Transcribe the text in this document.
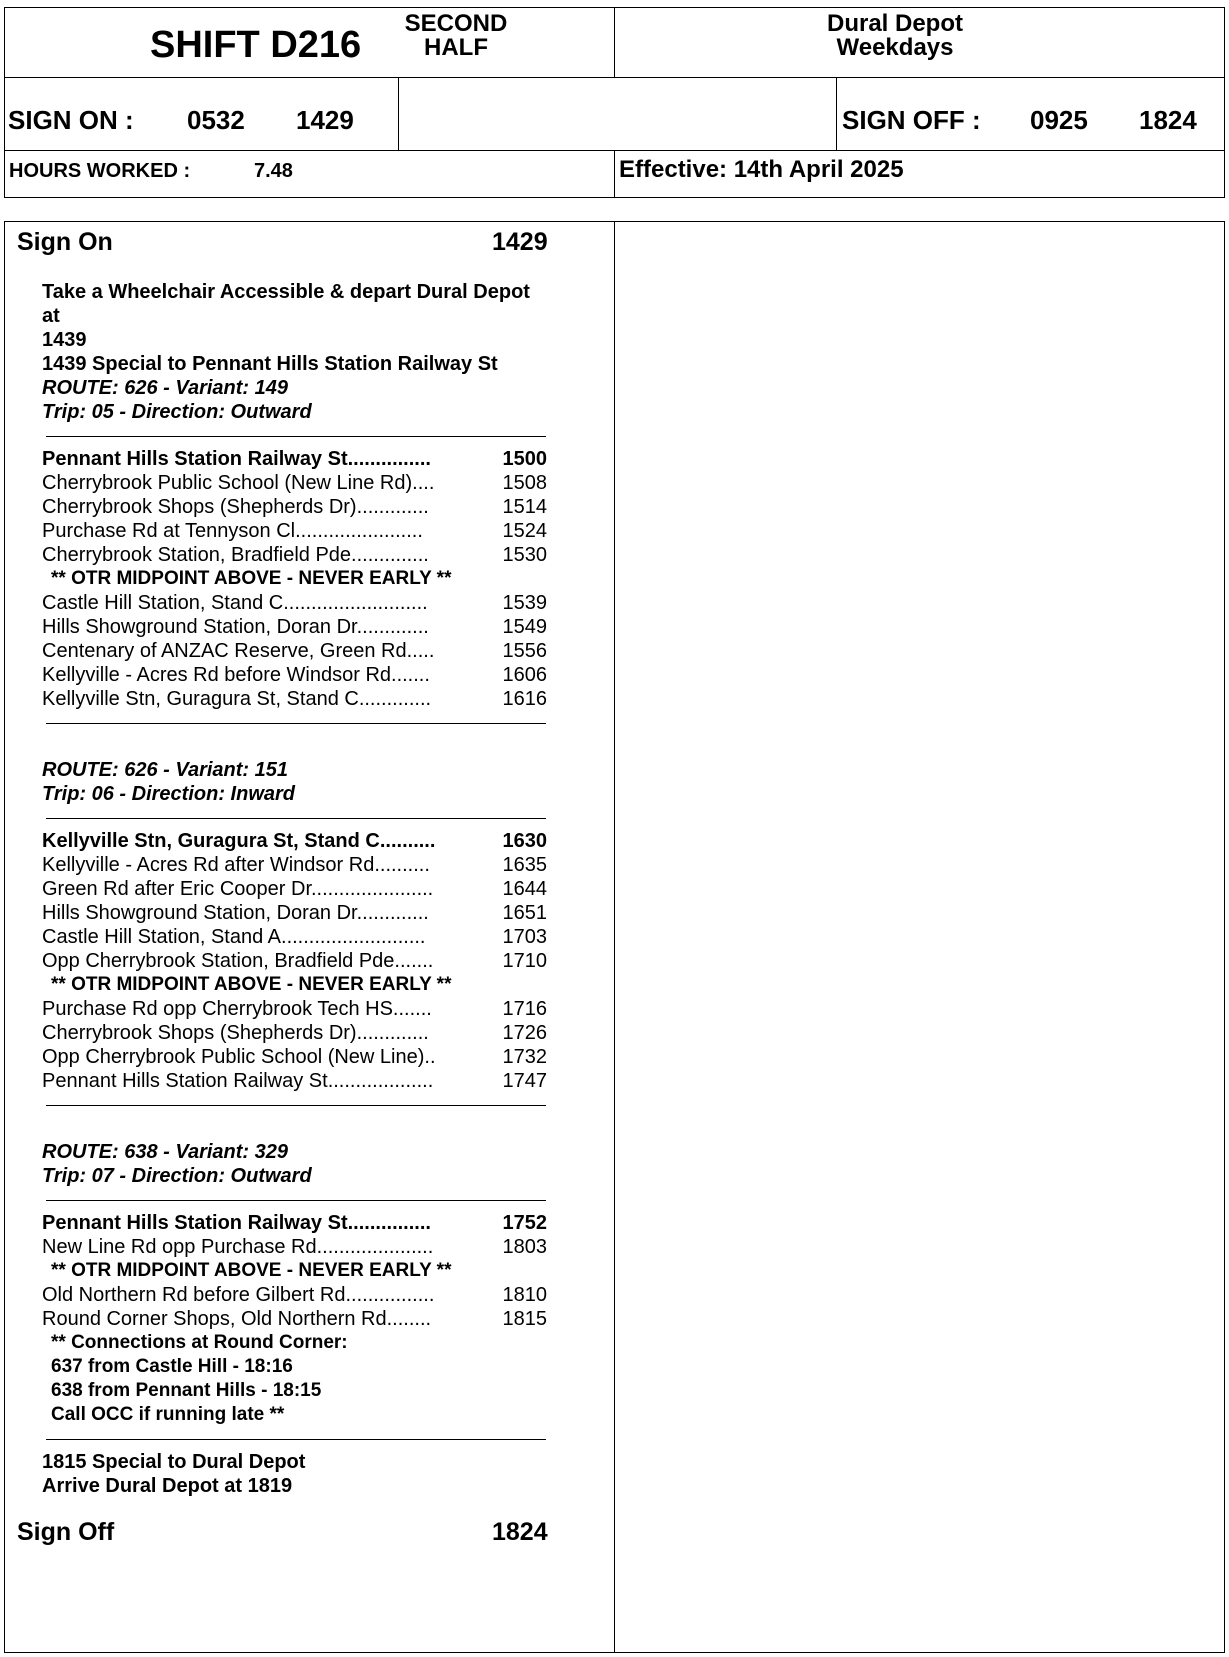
SHIFT D216
SECOND
HALF
Dural Depot
Weekdays
SIGN ON : 0532 1429	SIGN OFF : 0925 1824
HOURS WORKED :	7.48	Effective: 14th April 2025
Sign On	1429
Take a Wheelchair Accessible & depart Dural Depot at
1439
1439 Special to Pennant Hills Station Railway St
ROUTE: 626 - Variant: 149
Trip: 05 - Direction: Outward
Pennant Hills Station Railway St...............	1500
Cherrybrook Public School (New Line Rd)....	1508
Cherrybrook Shops (Shepherds Dr).............	1514
Purchase Rd at Tennyson Cl.......................	1524
Cherrybrook Station, Bradfield Pde..............	1530
** OTR MIDPOINT ABOVE - NEVER EARLY **
Castle Hill Station, Stand C..........................	1539
Hills Showground Station, Doran Dr.............	1549
Centenary of ANZAC Reserve, Green Rd.....	1556
Kellyville - Acres Rd before Windsor Rd.......	1606
Kellyville Stn, Guragura St, Stand C.............	1616
ROUTE: 626 - Variant: 151
Trip: 06 - Direction: Inward
Kellyville Stn, Guragura St, Stand C..........	1630
Kellyville - Acres Rd after Windsor Rd..........	1635
Green Rd after Eric Cooper Dr......................	1644
Hills Showground Station, Doran Dr.............	1651
Castle Hill Station, Stand A..........................	1703
Opp Cherrybrook Station, Bradfield Pde.......	1710
** OTR MIDPOINT ABOVE - NEVER EARLY **
Purchase Rd opp Cherrybrook Tech HS.......	1716
Cherrybrook Shops (Shepherds Dr).............	1726
Opp Cherrybrook Public School (New Line)..	1732
Pennant Hills Station Railway St...................	1747
ROUTE: 638 - Variant: 329
Trip: 07 - Direction: Outward
Pennant Hills Station Railway St...............	1752
New Line Rd opp Purchase Rd.....................	1803
** OTR MIDPOINT ABOVE - NEVER EARLY **
Old Northern Rd before Gilbert Rd................	1810
Round Corner Shops, Old Northern Rd........	1815
** Connections at Round Corner:
637 from Castle Hill - 18:16
638 from Pennant Hills - 18:15
Call OCC if running late **
1815 Special to Dural Depot
Arrive Dural Depot at 1819
Sign Off	1824
